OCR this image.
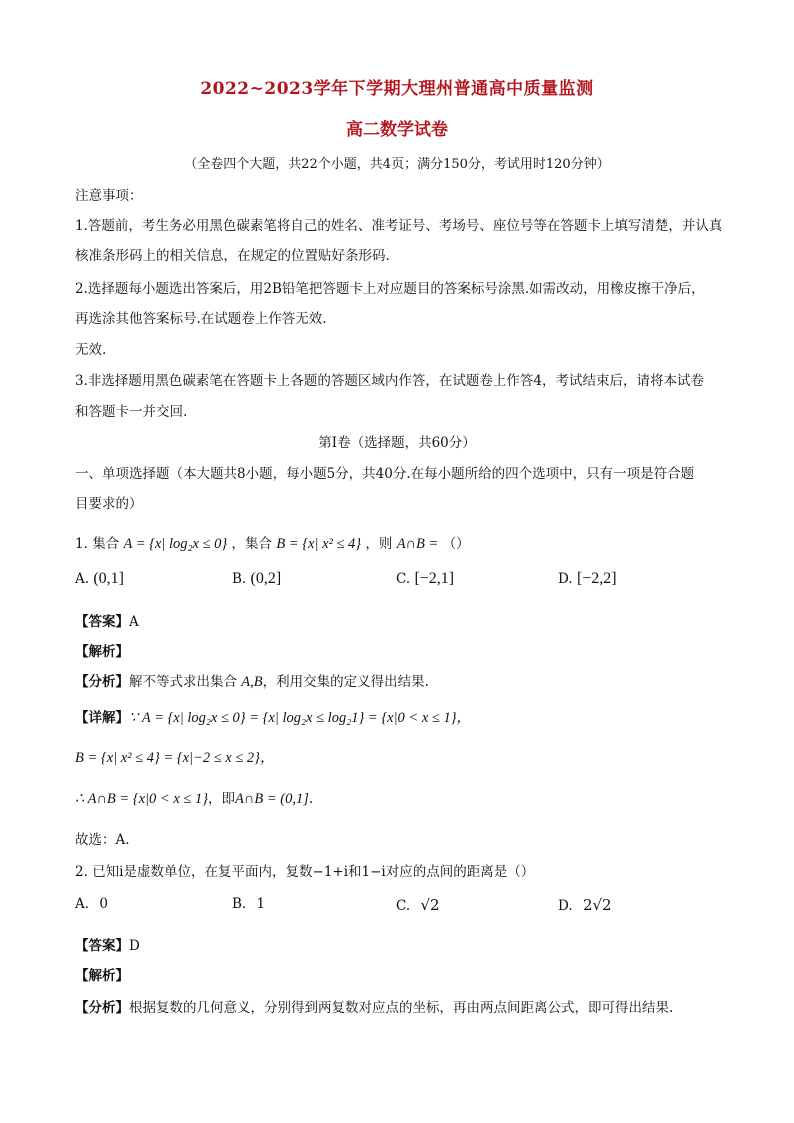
2022~2023学年下学期大理州普通高中质量监测
高二数学试卷
（全卷四个大题，共22个小题，共4页；满分150分，考试用时120分钟）
注意事项：
1.答题前，考生务必用黑色碳素笔将自己的姓名、准考证号、考场号、座位号等在答题卡上填写清楚，并认真
核准条形码上的相关信息，在规定的位置贴好条形码.
2.选择题每小题选出答案后，用2B铅笔把答题卡上对应题目的答案标号涂黑.如需改动，用橡皮擦干净后，
再选涂其他答案标号.在试题卷上作答无效.
无效.
3.非选择题用黑色碳素笔在答题卡上各题的答题区域内作答，在试题卷上作答4，考试结束后，请将本试卷
和答题卡一并交回.
第Ⅰ卷（选择题，共60分）
一、单项选择题（本大题共8小题，每小题5分，共40分.在每小题所给的四个选项中，只有一项是符合题
目要求的）
1. 集合 A = {x| log₂x ≤ 0} ，集合 B = {x| x² ≤ 4} ，则 A∩B = （）
A. (0,1]	B. (0,2]	C. [−2,1]	D. [−2,2]
【答案】A
【解析】
【分析】解不等式求出集合 A,B，利用交集的定义得出结果.
【详解】∵ A = {x| log₂x ≤ 0} = {x| log₂x ≤ log₂1} = {x|0 < x ≤ 1}，
B = {x| x² ≤ 4} = {x|−2 ≤ x ≤ 2}，
∴ A∩B = {x|0 < x ≤ 1}，即A∩B = (0,1].
故选：A.
2. 已知i是虚数单位，在复平面内，复数−1+i和1−i对应的点间的距离是（）
A. 0	B. 1	C. √2	D. 2√2
【答案】D
【解析】
【分析】根据复数的几何意义，分别得到两复数对应点的坐标，再由两点间距离公式，即可得出结果.
